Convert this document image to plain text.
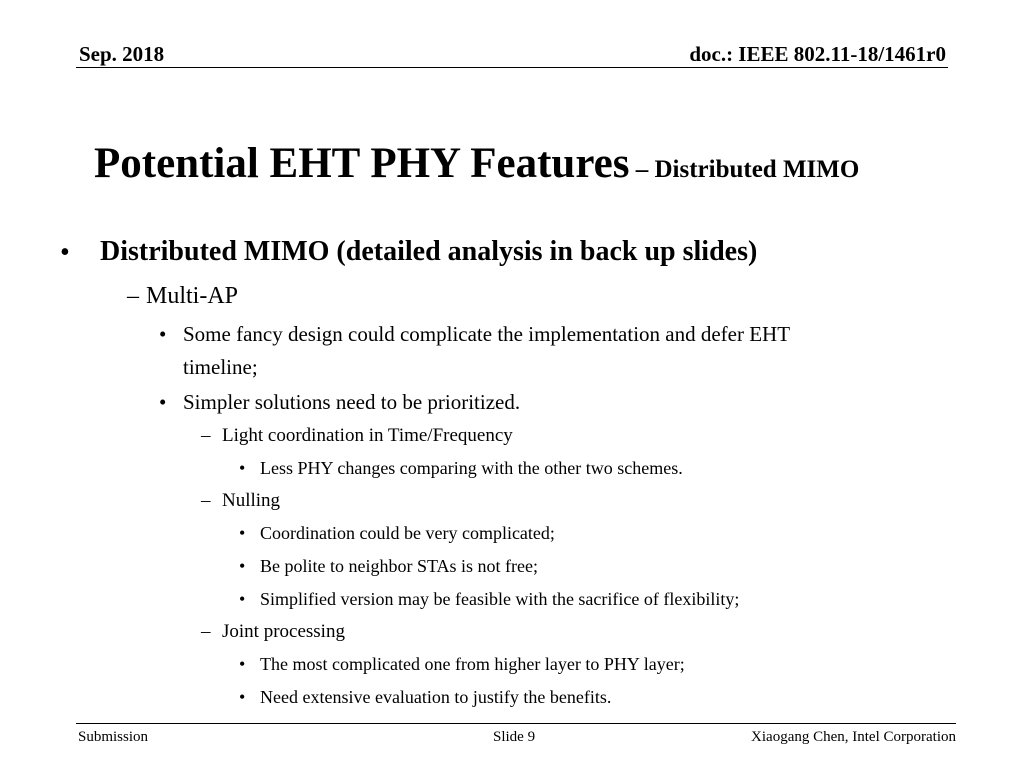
Sep. 2018	doc.: IEEE 802.11-18/1461r0
Potential EHT PHY Features – Distributed MIMO
• Distributed MIMO (detailed analysis in back up slides)
– Multi-AP
• Some fancy design could complicate the implementation and defer EHT
timeline;
• Simpler solutions need to be prioritized.
– Light coordination in Time/Frequency
• Less PHY changes comparing with the other two schemes.
– Nulling
• Coordination could be very complicated;
• Be polite to neighbor STAs is not free;
• Simplified version may be feasible with the sacrifice of flexibility;
– Joint processing
• The most complicated one from higher layer to PHY layer;
• Need extensive evaluation to justify the benefits.
Submission	Slide 9	Xiaogang Chen, Intel Corporation
